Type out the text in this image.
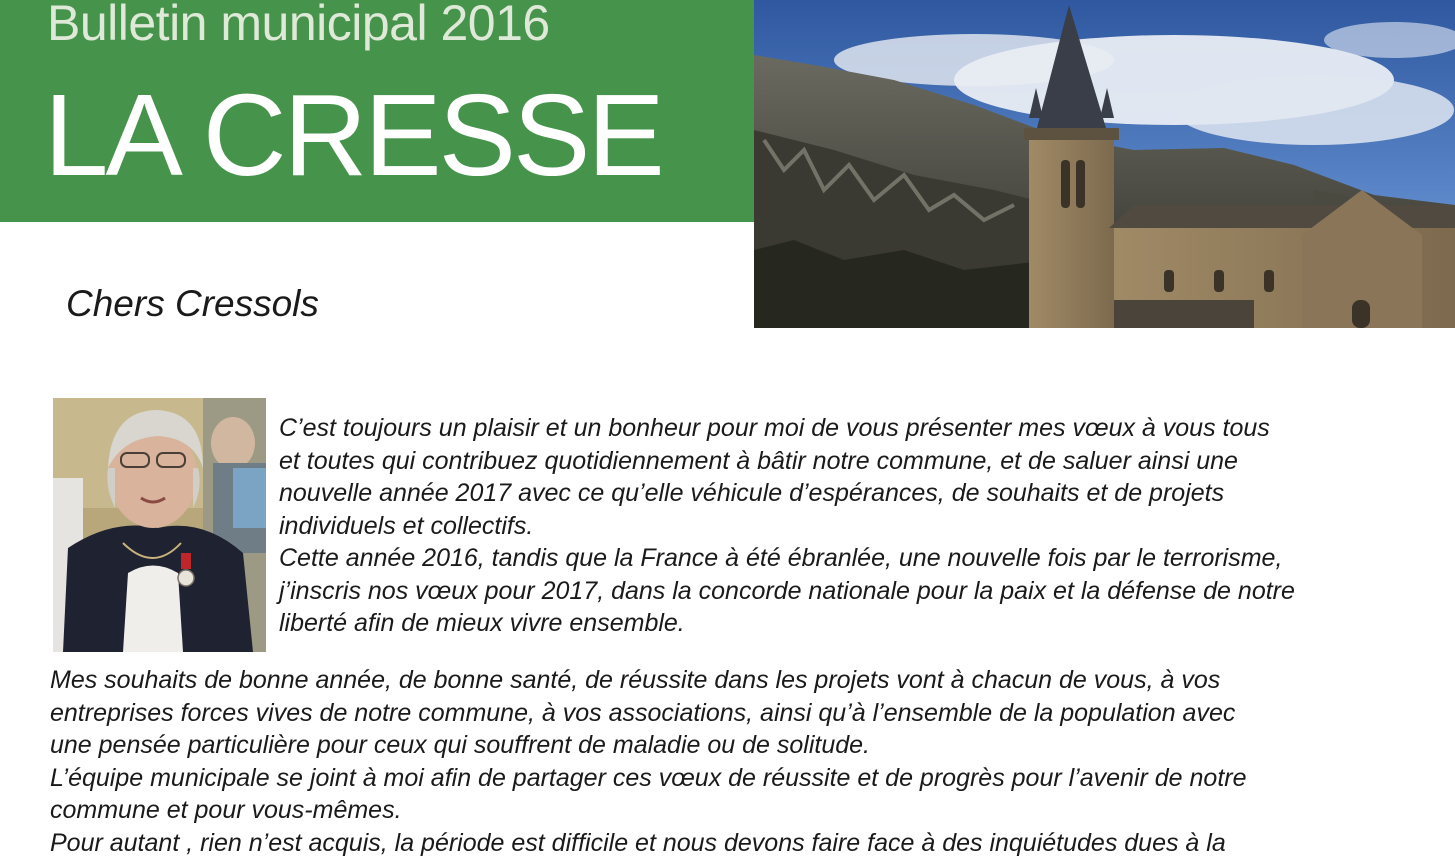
Bulletin municipal 2016
LA CRESSE
Chers Cressols
C’est toujours un plaisir et un bonheur pour moi de vous présenter mes vœux à vous tous
et toutes qui contribuez quotidiennement à bâtir notre commune, et de saluer ainsi une
nouvelle année 2017 avec ce qu’elle véhicule d’espérances, de souhaits et de projets
individuels et collectifs.
Cette année 2016, tandis que la France à été ébranlée, une nouvelle fois par le terrorisme,
j’inscris nos vœux pour 2017, dans la concorde nationale pour la paix et la défense de notre
liberté afin de mieux vivre ensemble.
Mes souhaits de bonne année, de bonne santé, de réussite dans les projets vont à chacun de vous, à vos
entreprises forces vives de notre commune, à vos associations, ainsi qu’à l’ensemble de la population avec
une pensée particulière pour ceux qui souffrent de maladie ou de solitude.
L’équipe municipale se joint à moi afin de partager ces vœux de réussite et de progrès pour l’avenir de notre
commune et pour vous-mêmes.
Pour autant , rien n’est acquis, la période est difficile et nous devons faire face à des inquiétudes dues à la
